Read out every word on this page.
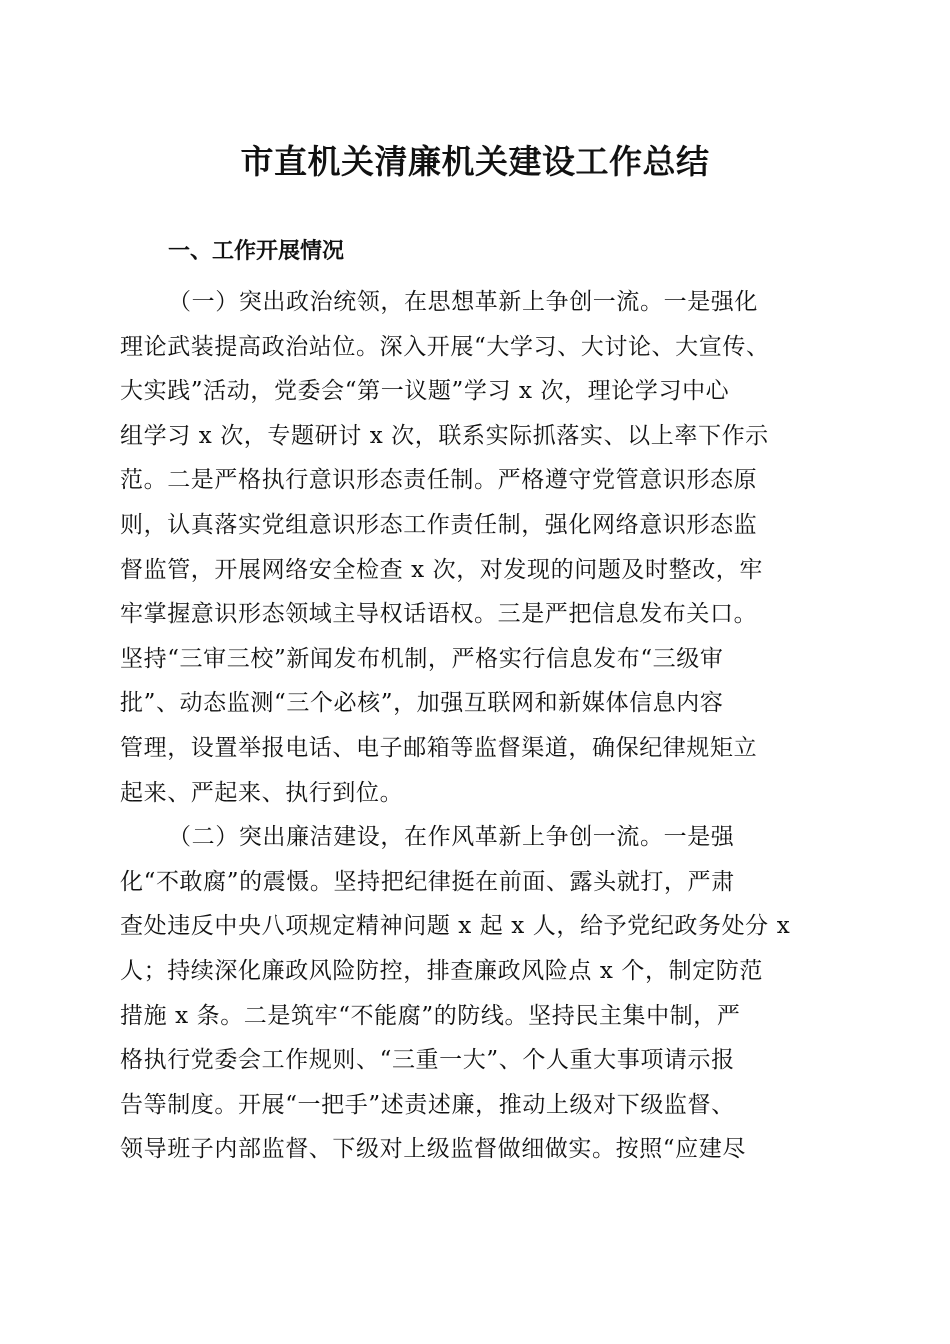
市直机关清廉机关建设工作总结
一、工作开展情况
（一）突出政治统领，在思想革新上争创一流。一是强化
理论武装提高政治站位。深入开展“大学习、大讨论、大宣传、
大实践”活动，党委会“第一议题”学习 x 次，理论学习中心
组学习 x 次，专题研讨 x 次，联系实际抓落实、以上率下作示
范。二是严格执行意识形态责任制。严格遵守党管意识形态原
则，认真落实党组意识形态工作责任制，强化网络意识形态监
督监管，开展网络安全检查 x 次，对发现的问题及时整改，牢
牢掌握意识形态领域主导权话语权。三是严把信息发布关口。
坚持“三审三校”新闻发布机制，严格实行信息发布“三级审
批”、动态监测“三个必核”，加强互联网和新媒体信息内容
管理，设置举报电话、电子邮箱等监督渠道，确保纪律规矩立
起来、严起来、执行到位。
（二）突出廉洁建设，在作风革新上争创一流。一是强
化“不敢腐”的震慑。坚持把纪律挺在前面、露头就打，严肃
查处违反中央八项规定精神问题 x 起 x 人，给予党纪政务处分 x
人；持续深化廉政风险防控，排查廉政风险点 x 个，制定防范
措施 x 条。二是筑牢“不能腐”的防线。坚持民主集中制，严
格执行党委会工作规则、“三重一大”、个人重大事项请示报
告等制度。开展“一把手”述责述廉，推动上级对下级监督、
领导班子内部监督、下级对上级监督做细做实。按照“应建尽
